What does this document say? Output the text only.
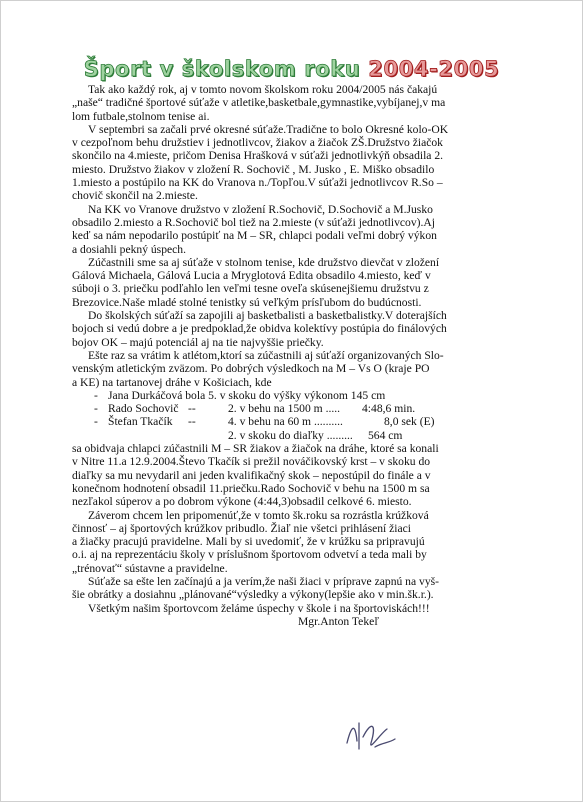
Šport v školskom roku 2004-2005
Tak ako každý rok, aj v tomto novom školskom roku 2004/2005 nás čakajú
„naše“ tradičné športové súťaže v atletike,basketbale,gymnastike,vybíjanej,v ma
lom futbale,stolnom tenise ai.
V septembri sa začali prvé okresné súťaže.Tradične to bolo Okresné kolo-OK
v cezpoľnom behu družstiev i jednotlivcov, žiakov a žiačok ZŠ.Družstvo žiačok
skončilo na 4.mieste, pričom Denisa Hrašková v súťaži jednotlivkýň obsadila 2.
miesto. Družstvo žiakov v zložení R. Sochovič , M. Jusko , E. Miško obsadilo
1.miesto a postúpilo na KK do Vranova n./Topľou.V súťaži jednotlivcov R.So –
chovič skončil na 2.mieste.
Na KK vo Vranove družstvo v zložení R.Sochovič, D.Sochovič a M.Jusko
obsadilo 2.miesto a R.Sochovič bol tiež na 2.mieste (v súťaži jednotlivcov).Aj
keď sa nám nepodarilo postúpiť na M – SR, chlapci podali veľmi dobrý výkon
a dosiahli pekný úspech.
Zúčastnili sme sa aj súťaže v stolnom tenise, kde družstvo dievčat v zložení
Gálová Michaela, Gálová Lucia a Mryglotová Edita obsadilo 4.miesto, keď v
súboji o 3. priečku podľahlo len veľmi tesne oveľa skúsenejšiemu družstvu z
Brezovice.Naše mladé stolné tenistky sú veľkým prísľubom do budúcnosti.
Do školských súťaží sa zapojili aj basketbalisti a basketbalistky.V doterajších
bojoch si vedú dobre a je predpoklad,že obidva kolektívy postúpia do finálových
bojov OK – majú potenciál aj na tie najvyššie priečky.
Ešte raz sa vrátim k atlétom,ktorí sa zúčastnili aj súťaží organizovaných Slo-
venským atletickým zväzom. Po dobrých výsledkoch na M – Vs O (kraje PO
a KE) na tartanovej dráhe v Košiciach, kde
- Jana Durkáčová bola 5. v skoku do výšky výkonom 145 cm
- Rado Sochovič --	2. v behu na 1500 m ..... 4:48,6 min.
- Štefan Tkačík --	4. v behu na 60 m ..........	8,0 sek (E)
2. v skoku do diaľky ......... 564 cm
sa obidvaja chlapci zúčastnili M – SR žiakov a žiačok na dráhe, ktoré sa konali
v Nitre 11.a 12.9.2004.Števo Tkačík si prežil nováčikovský krst – v skoku do
diaľky sa mu nevydaril ani jeden kvalifikačný skok – nepostúpil do finále a v
konečnom hodnotení obsadil 11.priečku.Rado Sochovič v behu na 1500 m sa
nezľakol súperov a po dobrom výkone (4:44,3)obsadil celkové 6. miesto.
Záverom chcem len pripomenúť,že v tomto šk.roku sa rozrástla krúžková
činnosť – aj športových krúžkov pribudlo. Žiaľ nie všetci prihlásení žiaci
a žiačky pracujú pravidelne. Mali by si uvedomiť, že v krúžku sa pripravujú
o.i. aj na reprezentáciu školy v príslušnom športovom odvetví a teda mali by
„trénovať“ sústavne a pravidelne.
Súťaže sa ešte len začínajú a ja verím,že naši žiaci v príprave zapnú na vyš-
šie obrátky a dosiahnu „plánované“výsledky a výkony(lepšie ako v min.šk.r.).
Všetkým našim športovcom želáme úspechy v škole i na športoviskách!!!
Mgr.Anton Tekeľ
